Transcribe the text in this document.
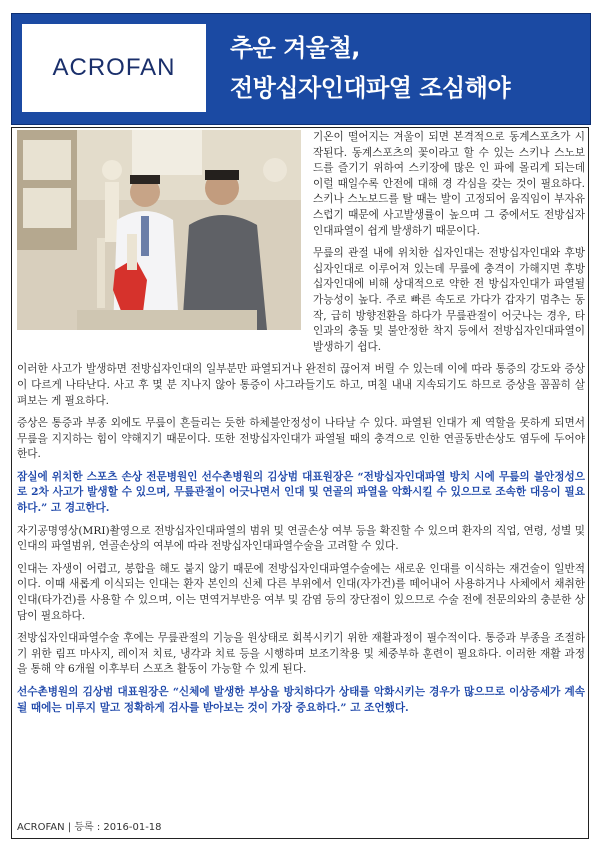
ACROFAN
추운 겨울철,
전방십자인대파열 조심해야

기온이 떨어지는 겨울이 되면 본격적으로 동계스포츠가 시작된다. 동계스포츠의 꽃이라고 할 수 있는 스키나 스노보드를 즐기기 위하여 스키장에 많은 인 파에 몰리게 되는데 이럴 때일수록 안전에 대해 경 각심을 갖는 것이 필요하다. 스키나 스노보드를 탈 때는 발이 고정되어 움직임이 부자유스럽기 때문에 사고발생률이 높으며 그 중에서도 전방십자인대파열이 쉽게 발생하기 때문이다.

무릎의 관절 내에 위치한 십자인대는 전방십자인대와 후방십자인대로 이루어져 있는데 무릎에 충격이 가해지면 후방십자인대에 비해 상대적으로 약한 전 방십자인대가 파열될 가능성이 높다. 주로 빠른 속도로 가다가 갑자기 멈추는 동작, 급히 방향전환을 하다가 무릎관절이 어긋나는 경우, 타인과의 충돌 및 불안정한 착지 등에서 전방십자인대파열이 발생하기 쉽다.

이러한 사고가 발생하면 전방십자인대의 일부분만 파열되거나 완전히 끊어져 버릴 수 있는데 이에 따라 통증의 강도와 증상이 다르게 나타난다. 사고 후 몇 분 지나지 않아 통증이 사그라들기도 하고, 며칠 내내 지속되기도 하므로 증상을 꼼꼼히 살펴보는 게 필요하다.

증상은 통증과 부종 외에도 무릎이 흔들리는 듯한 하체불안정성이 나타날 수 있다. 파열된 인대가 제 역할을 못하게 되면서 무릎을 지지하는 힘이 약해지기 때문이다. 또한 전방십자인대가 파열될 때의 충격으로 인한 연골동반손상도 염두에 두어야 한다.

잠실에 위치한 스포츠 손상 전문병원인 선수촌병원의 김상범 대표원장은 “전방십자인대파열 방치 시에 무릎의 불안정성으로 2차 사고가 발생할 수 있으며, 무릎관절이 어긋나면서 인대 및 연골의 파열을 악화시킬 수 있으므로 조속한 대응이 필요하다.” 고 경고한다.

자기공명영상(MRI)촬영으로 전방십자인대파열의 범위 및 연골손상 여부 등을 확진할 수 있으며 환자의 직업, 연령, 성별 및 인대의 파열범위, 연골손상의 여부에 따라 전방십자인대파열수술을 고려할 수 있다.

인대는 자생이 어렵고, 봉합을 해도 붙지 않기 때문에 전방십자인대파열수술에는 새로운 인대를 이식하는 재건술이 일반적이다. 이때 새롭게 이식되는 인대는 환자 본인의 신체 다른 부위에서 인대(자가건)를 떼어내어 사용하거나 사체에서 채취한 인대(타가건)를 사용할 수 있으며, 이는 면역거부반응 여부 및 감염 등의 장단점이 있으므로 수술 전에 전문의와의 충분한 상담이 필요하다.

전방십자인대파열수술 후에는 무릎관절의 기능을 원상태로 회복시키기 위한 재활과정이 필수적이다. 통증과 부종을 조절하기 위한 림프 마사지, 레이저 치료, 냉각과 치료 등을 시행하며 보조기착용 및 체중부하 훈련이 필요하다. 이러한 재활 과정을 통해 약 6개월 이후부터 스포츠 활동이 가능할 수 있게 된다.

선수촌병원의 김상범 대표원장은 “신체에 발생한 부상을 방치하다가 상태를 악화시키는 경우가 많으므로 이상증세가 계속될 때에는 미루지 말고 정확하게 검사를 받아보는 것이 가장 중요하다.” 고 조언했다.

ACROFAN | 등록 : 2016-01-18
